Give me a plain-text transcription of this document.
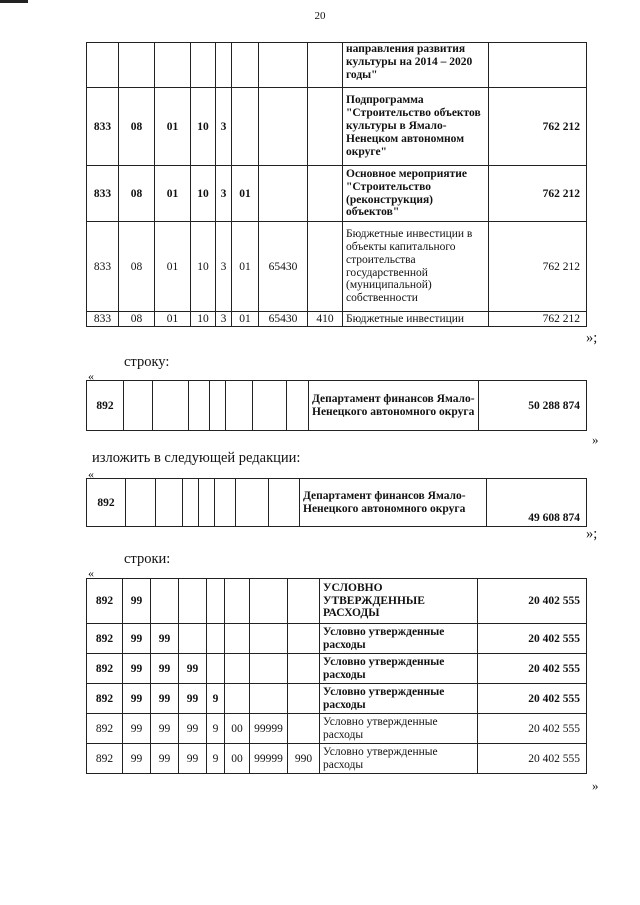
20
								направления развития культуры на 2014 – 2020 годы"	
833	08	01	10	3				Подпрограмма "Строительство объектов культуры в Ямало-Ненецком автономном округе"	762 212
833	08	01	10	3	01			Основное мероприятие "Строительство (реконструкция) объектов"	762 212
833	08	01	10	3	01	65430		Бюджетные инвестиции в объекты капитального строительства государственной (муниципальной) собственности	762 212
833	08	01	10	3	01	65430	410	Бюджетные инвестиции	762 212
»;
строку:
«
892								Департамент финансов Ямало-Ненецкого автономного округа	50 288 874
»
изложить в следующей редакции:
«
892								Департамент финансов Ямало-Ненецкого автономного округа	49 608 874
»;
строки:
«
892	99							УСЛОВНО УТВЕРЖДЕННЫЕ РАСХОДЫ	20 402 555
892	99	99						Условно утвержденные расходы	20 402 555
892	99	99	99					Условно утвержденные расходы	20 402 555
892	99	99	99	9				Условно утвержденные расходы	20 402 555
892	99	99	99	9	00	99999		Условно утвержденные расходы	20 402 555
892	99	99	99	9	00	99999	990	Условно утвержденные расходы	20 402 555
»
